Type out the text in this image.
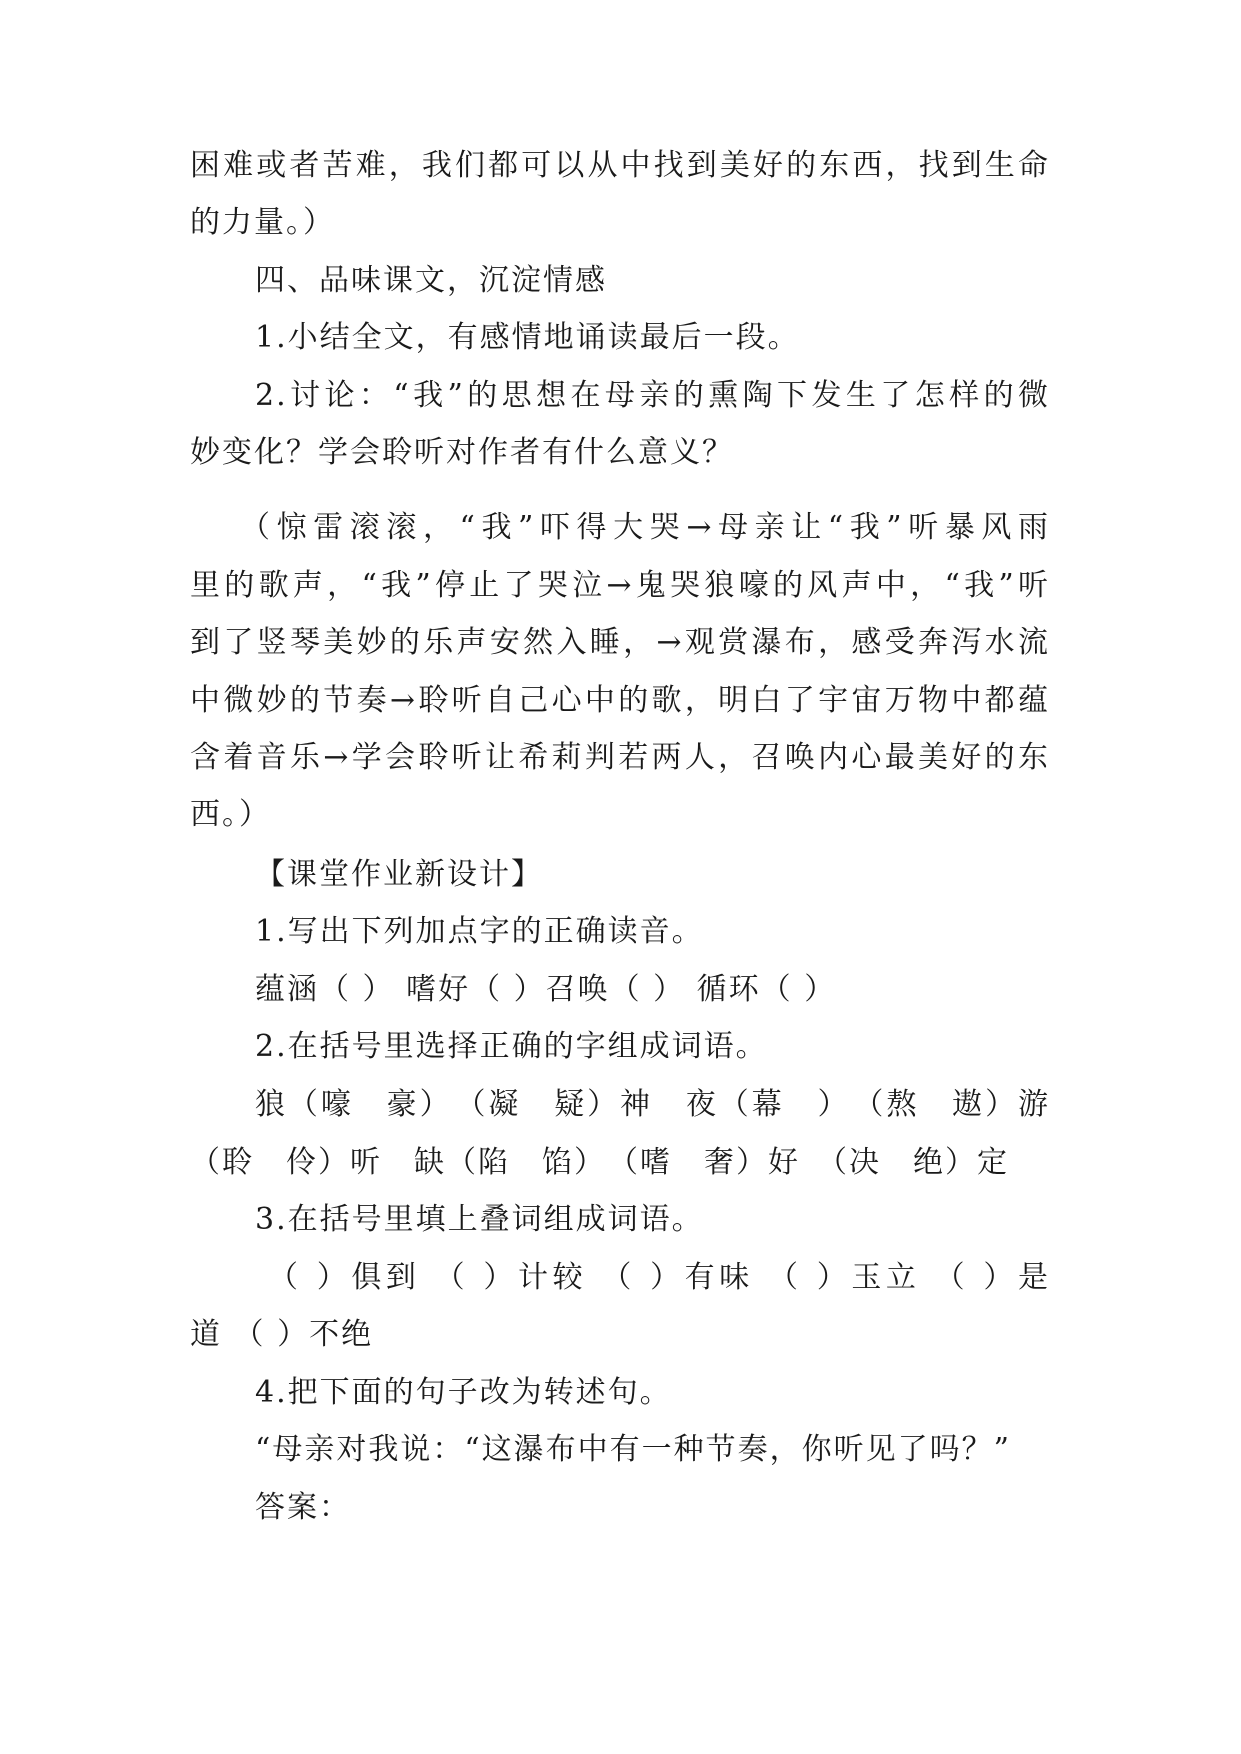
困难或者苦难，我们都可以从中找到美好的东西，找到生命
的力量。）
四、品味课文，沉淀情感
1.小结全文，有感情地诵读最后一段。
2.讨论：“我”的思想在母亲的熏陶下发生了怎样的微
妙变化？学会聆听对作者有什么意义？
（惊雷滚滚，“我”吓得大哭→母亲让“我”听暴风雨
里的歌声，“我”停止了哭泣→鬼哭狼嚎的风声中，“我”听
到了竖琴美妙的乐声安然入睡，→观赏瀑布，感受奔泻水流
中微妙的节奏→聆听自己心中的歌，明白了宇宙万物中都蕴
含着音乐→学会聆听让希莉判若两人，召唤内心最美好的东
西。）
【课堂作业新设计】
1.写出下列加点字的正确读音。
蕴涵（ ） 嗜好（ ）召唤（ ） 循环（ ）
2.在括号里选择正确的字组成词语。
狼（嚎　豪）　（凝　疑）神　夜（幕　）　（熬　遨）游
（聆　伶）听　缺（陷　馅）　（嗜　奢）好　（决　绝）定
3.在括号里填上叠词组成词语。
（ ）俱到 （ ）计较 （ ）有味 （ ）玉立 （ ）是
道 （ ）不绝
4.把下面的句子改为转述句。
“母亲对我说：“这瀑布中有一种节奏，你听见了吗？”
答案：
